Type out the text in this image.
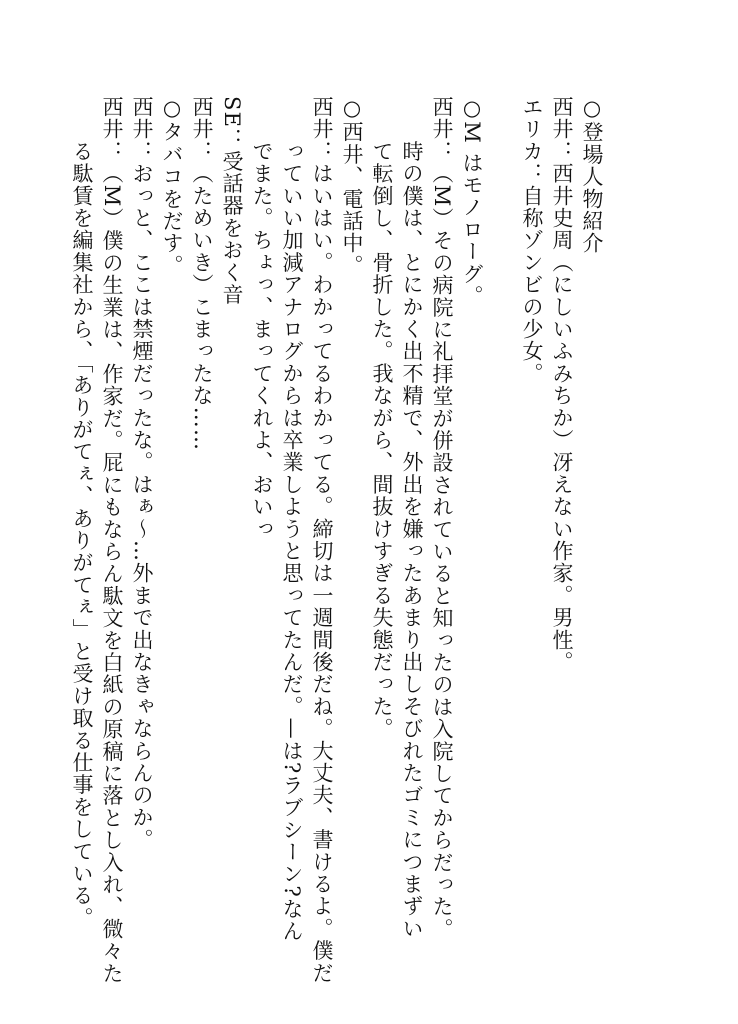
○登場人物紹介
西井：西井史周（にしいふみちか）冴えない作家。男性。
エリカ：自称ゾンビの少女。
○M はモノローグ。
西井：（M）その病院に礼拝堂が併設されていると知ったのは入院してからだった。
　　時の僕は、とにかく出不精で、外出を嫌ったあまり出しそびれたゴミにつまずい
　　て転倒し、骨折した。我ながら、間抜けすぎる失態だった。
○西井、電話中。
西井：はいはい。わかってるわかってる。締切は一週間後だね。大丈夫、書けるよ。僕だ
　　っていい加減アナログからは卒業しようと思ってたんだ。—は?ラブシーン?なん
　　でまた。ちょっ、まってくれよ、おいっ
SE：受話器をおく音
西井：（ためいき）こまったな……
○タバコをだす。
西井：おっと、ここは禁煙だったな。はぁ～…外まで出なきゃならんのか。
西井：（M）僕の生業は、作家だ。屁にもならん駄文を白紙の原稿に落とし入れ、微々た
　　る駄賃を編集社から、「ありがてぇ、ありがてぇ」と受け取る仕事をしている。
